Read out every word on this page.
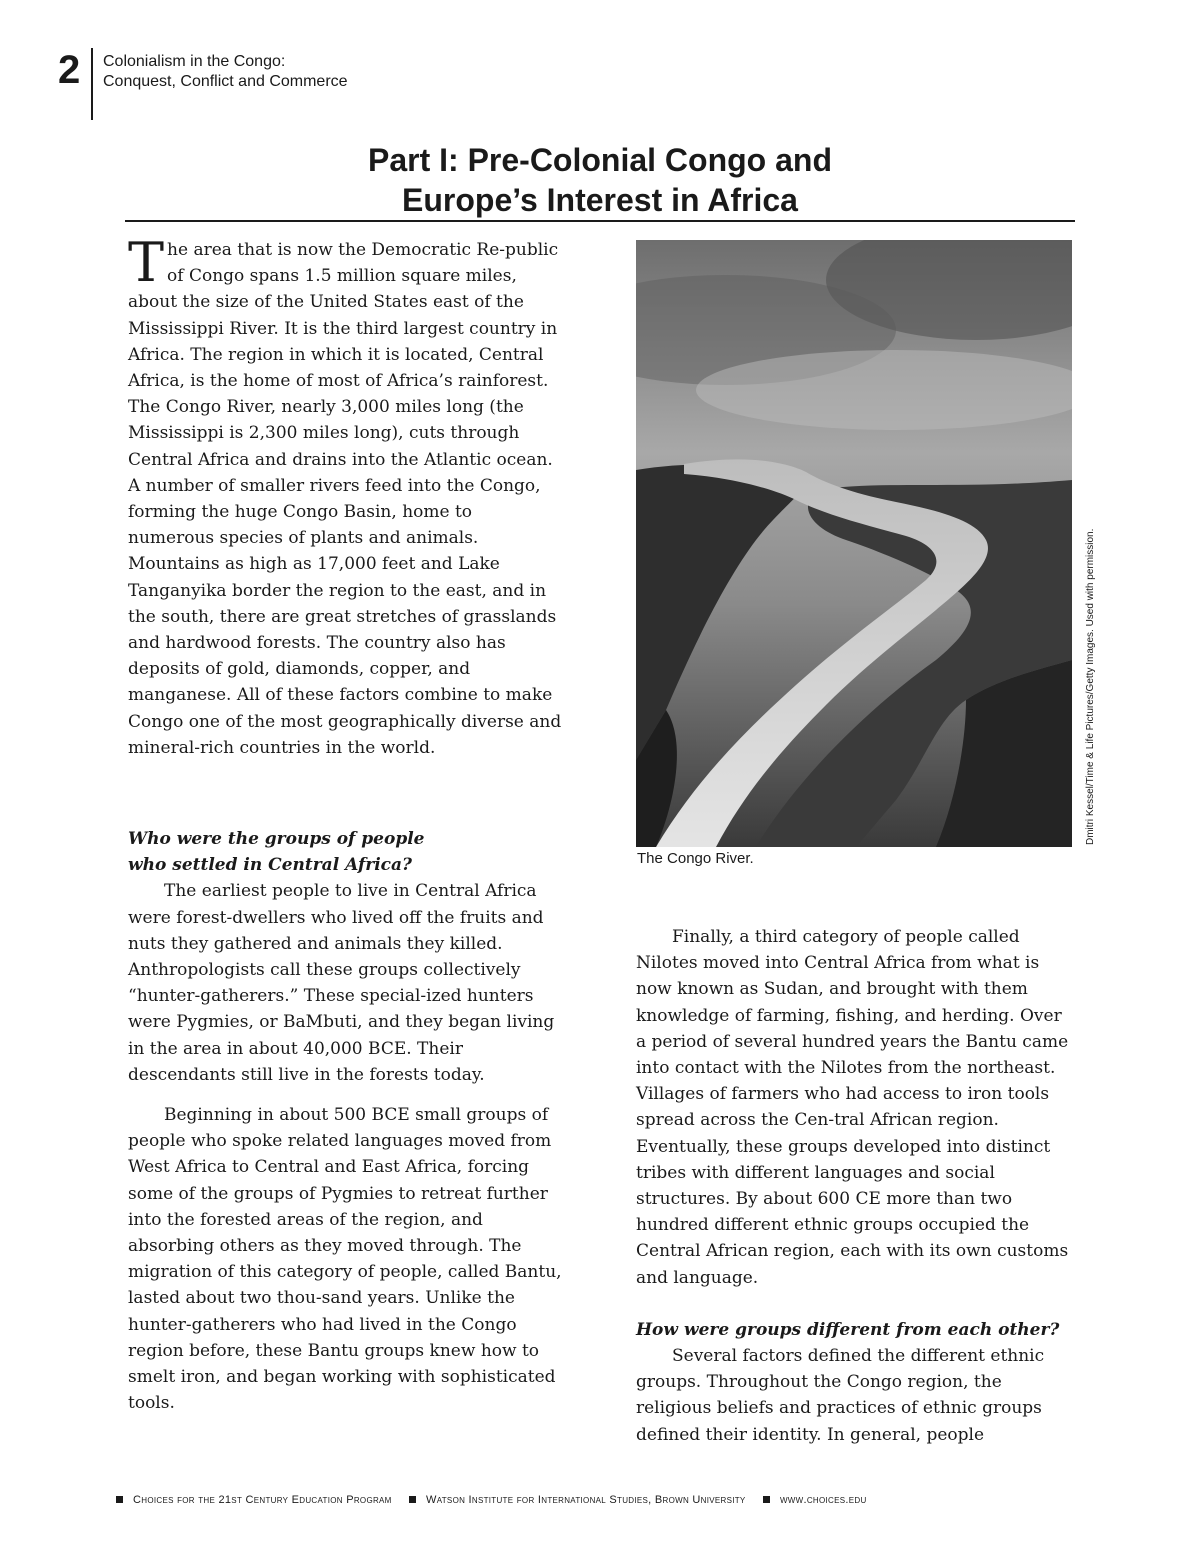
2 Colonialism in the Congo:
Conquest, Conflict and Commerce
Part I: Pre-Colonial Congo and
Europe’s Interest in Africa

The area that is now the Democratic Re-public of Congo spans 1.5 million square miles, about the size of the United States east of the Mississippi River. It is the third largest country in Africa. The region in which it is located, Central Africa, is the home of most of Africa’s rainforest. The Congo River, nearly 3,000 miles long (the Mississippi is 2,300 miles long), cuts through Central Africa and drains into the Atlantic ocean. A number of smaller rivers feed into the Congo, forming the huge Congo Basin, home to numerous species of plants and animals. Mountains as high as 17,000 feet and Lake Tanganyika border the region to the east, and in the south, there are great stretches of grasslands and hardwood forests. The country also has deposits of gold, diamonds, copper, and manganese. All of these factors combine to make Congo one of the most geographically diverse and mineral-rich countries in the world.

Who were the groups of people
who settled in Central Africa?

The earliest people to live in Central Africa were forest-dwellers who lived off the fruits and nuts they gathered and animals they killed. Anthropologists call these groups collectively “hunter-gatherers.” These special-ized hunters were Pygmies, or BaMbuti, and they began living in the area in about 40,000 BCE. Their descendants still live in the forests today.

Beginning in about 500 BCE small groups of people who spoke related languages moved from West Africa to Central and East Africa, forcing some of the groups of Pygmies to retreat further into the forested areas of the region, and absorbing others as they moved through. The migration of this category of people, called Bantu, lasted about two thou-sand years. Unlike the hunter-gatherers who had lived in the Congo region before, these Bantu groups knew how to smelt iron, and began working with sophisticated tools.

The Congo River.
Dmitri Kessel/Time & Life Pictures/Getty Images. Used with permission.

Finally, a third category of people called Nilotes moved into Central Africa from what is now known as Sudan, and brought with them knowledge of farming, fishing, and herding. Over a period of several hundred years the Bantu came into contact with the Nilotes from the northeast. Villages of farmers who had access to iron tools spread across the Cen-tral African region. Eventually, these groups developed into distinct tribes with different languages and social structures. By about 600 CE more than two hundred different ethnic groups occupied the Central African region, each with its own customs and language.

How were groups different from each other?

Several factors defined the different ethnic groups. Throughout the Congo region, the religious beliefs and practices of ethnic groups defined their identity. In general, people

Choices for the 21st Century Education Program	Watson Institute for International Studies, Brown University	www.choices.edu
